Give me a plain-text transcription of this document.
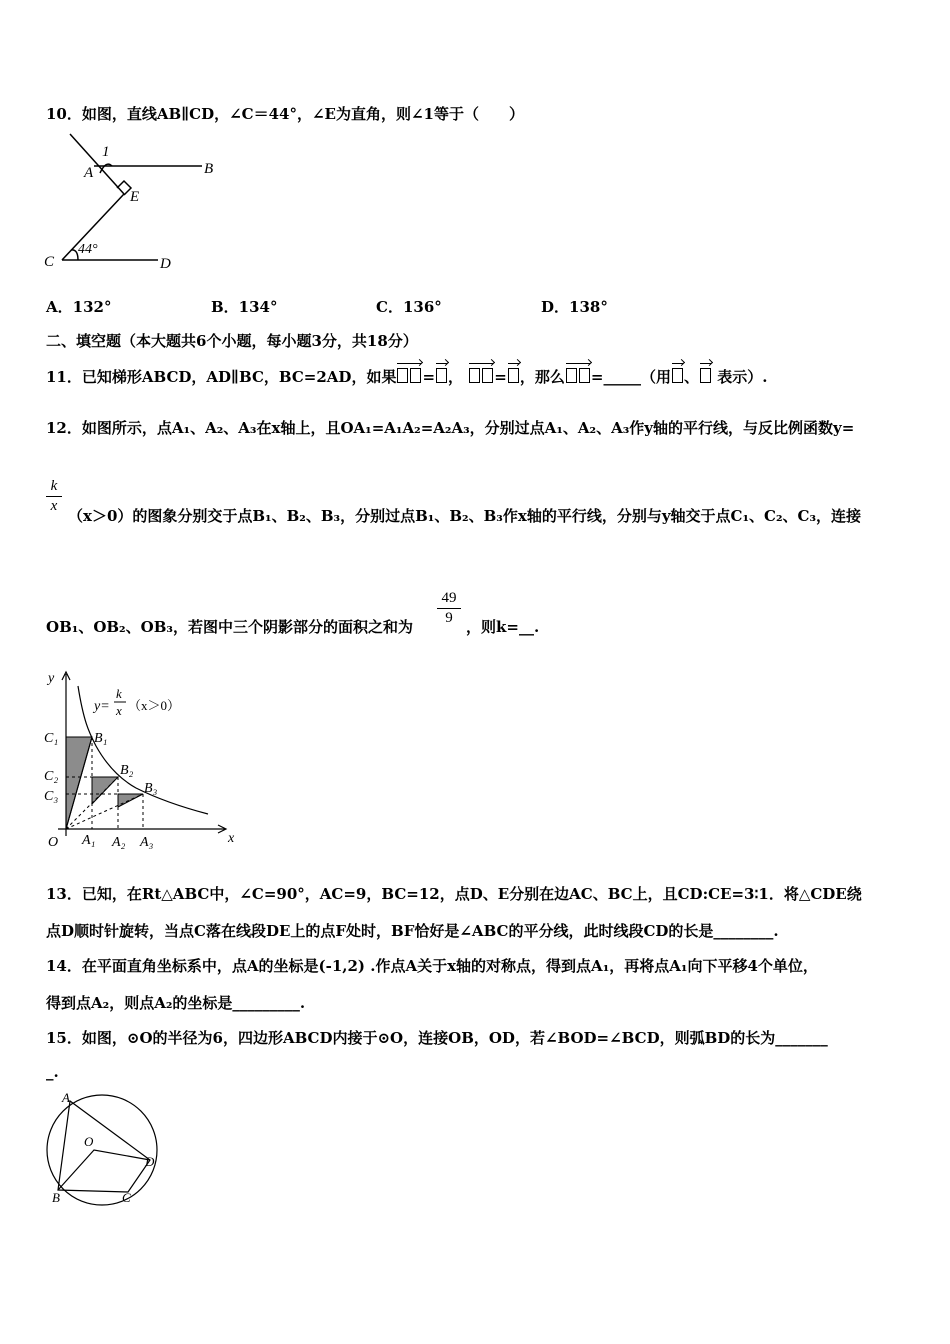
10．如图，直线AB∥CD，∠C＝44°，∠E为直角，则∠1等于（　　）
1
A	B
E
C	D
44°
A．132°	B．134°	C．136°	D．138°
二、填空题（本大题共6个小题，每小题3分，共18分）
11．已知梯形ABCD，AD∥BC，BC=2AD，如果 = ， = ，那么 =_____（用 、 表示）.
12．如图所示，点A₁、A₂、A₃在x轴上，且OA₁=A₁A₂=A₂A₃，分别过点A₁、A₂、A₃作y轴的平行线，与反比例函数y=
k
x
（x＞0）的图象分别交于点B₁、B₂、B₃，分别过点B₁、B₂、B₃作x轴的平行线，分别与y轴交于点C₁、C₂、C₃，连接
OB₁、OB₂、OB₃，若图中三个阴影部分的面积之和为
49
9 ，则k=__.
y
x
O
y=
k
x （x＞0）
C₁
C₂
C₃
B₁
B₂
B₃
A₁ A₂ A₃
13．已知，在Rt△ABC中，∠C=90°，AC=9，BC=12，点D、E分别在边AC、BC上，且CD:CE=3∶1．将△CDE绕
点D顺时针旋转，当点C落在线段DE上的点F处时，BF恰好是∠ABC的平分线，此时线段CD的长是________.
14．在平面直角坐标系中，点A的坐标是(-1,2) .作点A关于x轴的对称点，得到点A₁，再将点A₁向下平移4个单位，
得到点A₂，则点A₂的坐标是_________.
15．如图，⊙O的半径为6，四边形ABCD内接于⊙O，连接OB，OD，若∠BOD=∠BCD，则弧BD的长为_______
_.
A
O
D
B	C
